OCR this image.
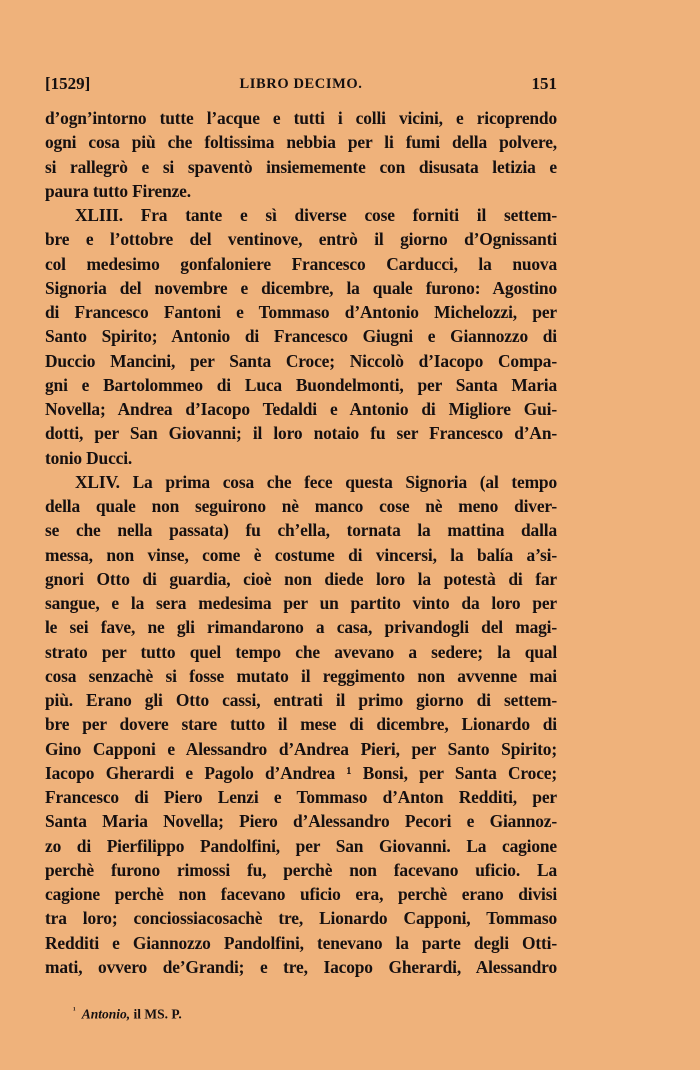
[1529]	LIBRO DECIMO.	151
d’ogn’intorno tutte l’acque e tutti i colli vicini, e ricoprendo
ogni cosa più che foltissima nebbia per li fumi della polvere,
si rallegrò e si spaventò insiememente con disusata letizia e
paura tutto Firenze.
XLIII. Fra tante e sì diverse cose forniti il settem-
bre e l’ottobre del ventinove, entrò il giorno d’Ognissanti
col medesimo gonfaloniere Francesco Carducci, la nuova
Signoria del novembre e dicembre, la quale furono: Agostino
di Francesco Fantoni e Tommaso d’Antonio Michelozzi, per
Santo Spirito; Antonio di Francesco Giugni e Giannozzo di
Duccio Mancini, per Santa Croce; Niccolò d’Iacopo Compa-
gni e Bartolommeo di Luca Buondelmonti, per Santa Maria
Novella; Andrea d’Iacopo Tedaldi e Antonio di Migliore Gui-
dotti, per San Giovanni; il loro notaio fu ser Francesco d’An-
tonio Ducci.
XLIV. La prima cosa che fece questa Signoria (al tempo
della quale non seguirono nè manco cose nè meno diver-
se che nella passata) fu ch’ella, tornata la mattina dalla
messa, non vinse, come è costume di vincersi, la balía a’si-
gnori Otto di guardia, cioè non diede loro la potestà di far
sangue, e la sera medesima per un partito vinto da loro per
le sei fave, ne gli rimandarono a casa, privandogli del magi-
strato per tutto quel tempo che avevano a sedere; la qual
cosa senzachè si fosse mutato il reggimento non avvenne mai
più. Erano gli Otto cassi, entrati il primo giorno di settem-
bre per dovere stare tutto il mese di dicembre, Lionardo di
Gino Capponi e Alessandro d’Andrea Pieri, per Santo Spirito;
Iacopo Gherardi e Pagolo d’Andrea ¹ Bonsi, per Santa Croce;
Francesco di Piero Lenzi e Tommaso d’Anton Redditi, per
Santa Maria Novella; Piero d’Alessandro Pecori e Giannoz-
zo di Pierfilippo Pandolfini, per San Giovanni. La cagione
perchè furono rimossi fu, perchè non facevano uficio. La
cagione perchè non facevano uficio era, perchè erano divisi
tra loro; conciossiacosachè tre, Lionardo Capponi, Tommaso
Redditi e Giannozzo Pandolfini, tenevano la parte degli Otti-
mati, ovvero de’Grandi; e tre, Iacopo Gherardi, Alessandro
$^{^1}$ Antonio, il MS. P.
